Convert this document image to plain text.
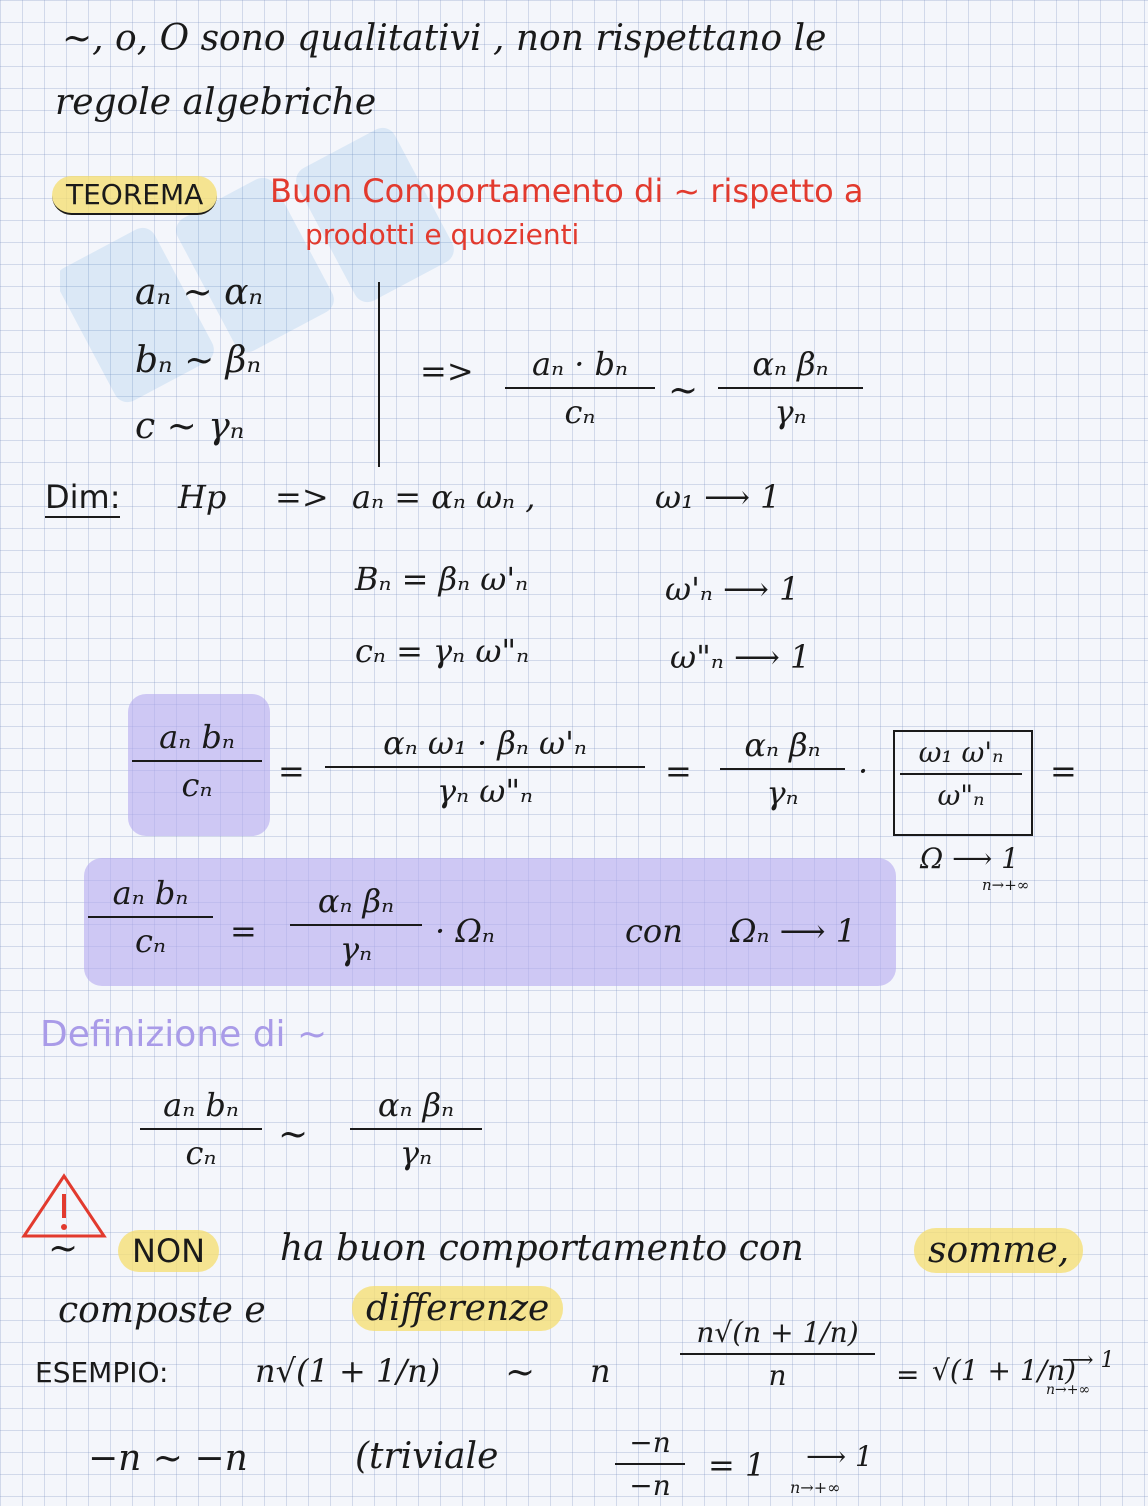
~, o, O sono qualitativi , non rispettano le
regole algebriche
TEOREMA	Buon Comportamento di ~ rispetto a
prodotti e quozienti
aₙ ~ αₙ
bₙ ~ βₙ
c ~ γₙ
=> aₙ · bₙ
cₙ
~
αₙ βₙ
γₙ
Dim: Hp => aₙ = αₙ ωₙ ,	ω₁ ⟶ 1
Bₙ = βₙ ω'ₙ	ω'ₙ ⟶ 1
cₙ = γₙ ω"ₙ	ω"ₙ ⟶ 1
aₙ bₙ
cₙ =
αₙ ω₁ · βₙ ω'ₙ
γₙ ω"ₙ
=
αₙ βₙ
γₙ
· ω₁ ω'ₙ
ω"ₙ
=
Ω ⟶ 1
n→+∞
aₙ bₙ
cₙ =
αₙ βₙ
γₙ · Ωₙ	con Ωₙ ⟶ 1
Definizione di ~
aₙ bₙ
cₙ ~
αₙ βₙ
γₙ
~	NON	ha buon comportamento con	somme,
composte e	differenze
ESEMPIO:	n√(1 + 1/n) ~ n
n√(n + 1/n)
n	= √(1 + 1/n)
⟶ 1
n→+∞
−n ~ −n	(triviale	−n
−n
= 1 ⟶ 1
n→+∞
